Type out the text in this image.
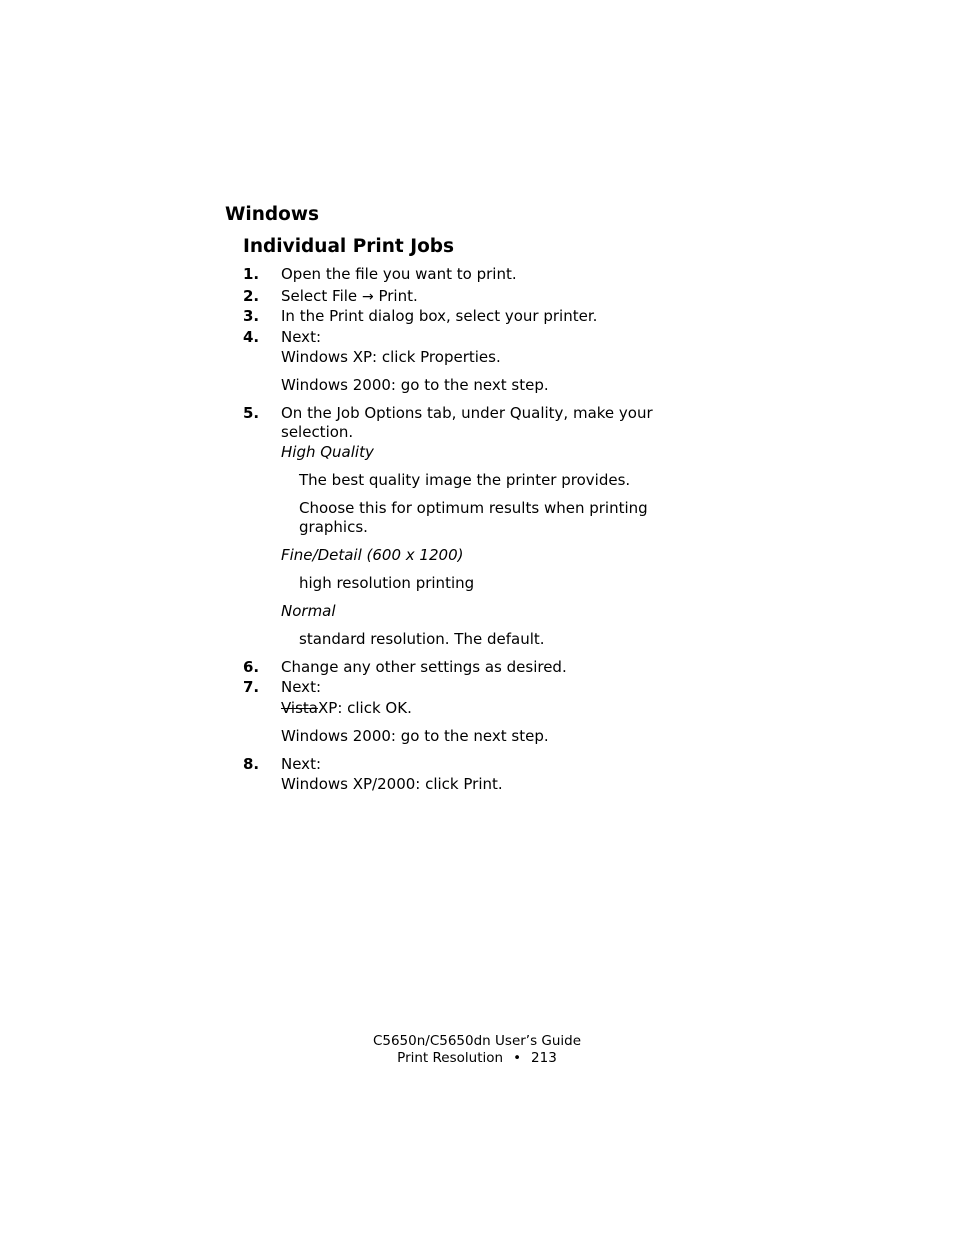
Windows
Individual Print Jobs
1. Open the file you want to print.
2. Select File → Print.
3. In the Print dialog box, select your printer.
4. Next:
Windows XP: click Properties.
Windows 2000: go to the next step.
5. On the Job Options tab, under Quality, make your
selection.
High Quality
The best quality image the printer provides.
Choose this for optimum results when printing
graphics.
Fine/Detail (600 x 1200)
high resolution printing
Normal
standard resolution. The default.
6. Change any other settings as desired.
7. Next:
VistaXP: click OK.
Windows 2000: go to the next step.
8. Next:
Windows XP/2000: click Print.
C5650n/C5650dn User’s Guide
Print Resolution • 213
